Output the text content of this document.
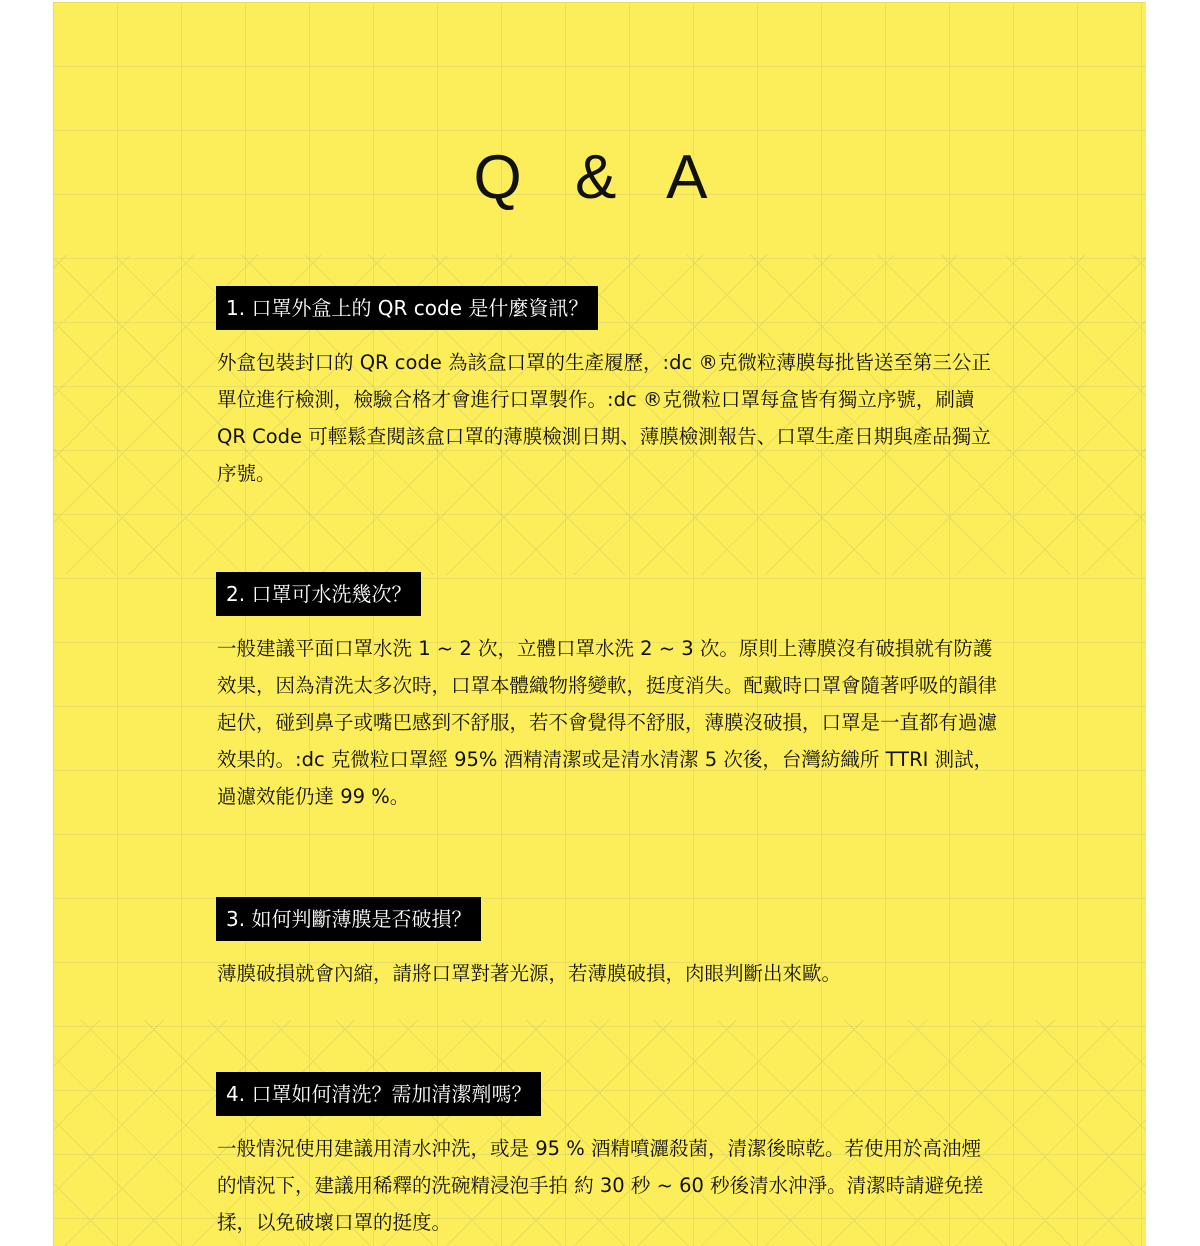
Q & A
1. 口罩外盒上的 QR code 是什麼資訊？

外盒包裝封口的 QR code 為該盒口罩的生產履歷，:dc ®克微粒薄膜每批皆送至第三公正單位進行檢測，檢驗合格才會進行口罩製作。:dc ®克微粒口罩每盒皆有獨立序號，刷讀 QR Code 可輕鬆查閱該盒口罩的薄膜檢測日期、薄膜檢測報告、口罩生產日期與產品獨立序號。

2. 口罩可水洗幾次？

一般建議平面口罩水洗 1 ~ 2 次，立體口罩水洗 2 ~ 3 次。原則上薄膜沒有破損就有防護效果，因為清洗太多次時，口罩本體織物將變軟，挺度消失。配戴時口罩會隨著呼吸的韻律起伏，碰到鼻子或嘴巴感到不舒服，若不會覺得不舒服，薄膜沒破損，口罩是一直都有過濾效果的。:dc 克微粒口罩經 95% 酒精清潔或是清水清潔 5 次後，台灣紡織所 TTRI 測試，過濾效能仍達 99 %。

3. 如何判斷薄膜是否破損？

薄膜破損就會內縮，請將口罩對著光源，若薄膜破損，肉眼判斷出來歐。

4. 口罩如何清洗？需加清潔劑嗎？

一般情況使用建議用清水沖洗，或是 95 % 酒精噴灑殺菌，清潔後晾乾。若使用於高油煙的情況下，建議用稀釋的洗碗精浸泡手拍 約 30 秒 ~ 60 秒後清水沖淨。清潔時請避免搓揉，以免破壞口罩的挺度。
